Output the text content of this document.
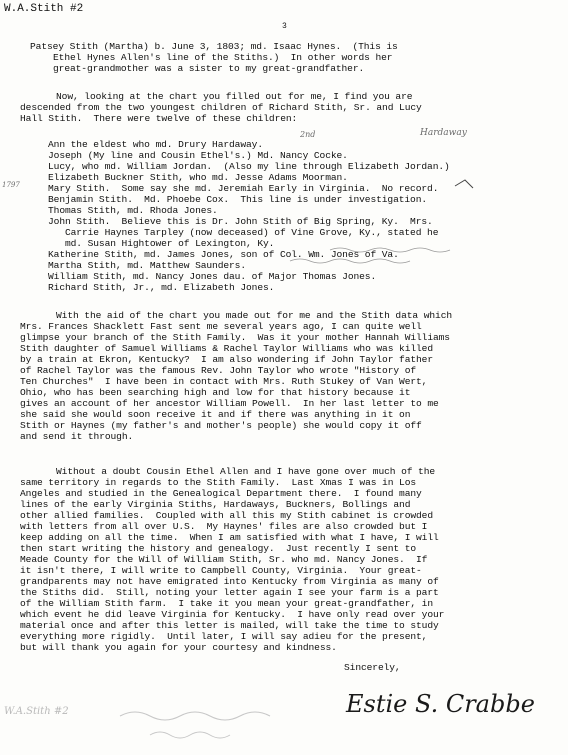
W.A.Stith #2
3
Patsey Stith (Martha) b. June 3, 1803; md. Isaac Hynes.  (This is
Ethel Hynes Allen's line of the Stiths.)  In other words her
great-grandmother was a sister to my great-grandfather.
Now, looking at the chart you filled out for me, I find you are
descended from the two youngest children of Richard Stith, Sr. and Lucy
Hall Stith.  There were twelve of these children:
Ann the eldest who md. Drury Hardaway.
Joseph (My line and Cousin Ethel's.) Md. Nancy Cocke.
Lucy, who md. William Jordan.  (Also my line through Elizabeth Jordan.)
Elizabeth Buckner Stith, who md. Jesse Adams Moorman.
Mary Stith.  Some say she md. Jeremiah Early in Virginia.  No record.
Benjamin Stith.  Md. Phoebe Cox.  This line is under investigation.
Thomas Stith, md. Rhoda Jones.
John Stith.  Believe this is Dr. John Stith of Big Spring, Ky.  Mrs.
Carrie Haynes Tarpley (now deceased) of Vine Grove, Ky., stated he
md. Susan Hightower of Lexington, Ky.
Katherine Stith, md. James Jones, son of Col. Wm. Jones of Va.
Martha Stith, md. Matthew Saunders.
William Stith, md. Nancy Jones dau. of Major Thomas Jones.
Richard Stith, Jr., md. Elizabeth Jones.
With the aid of the chart you made out for me and the Stith data which
Mrs. Frances Shacklett Fast sent me several years ago, I can quite well
glimpse your branch of the Stith Family.  Was it your mother Hannah Williams
Stith daughter of Samuel Williams & Rachel Taylor Williams who was killed
by a train at Ekron, Kentucky?  I am also wondering if John Taylor father
of Rachel Taylor was the famous Rev. John Taylor who wrote "History of
Ten Churches"  I have been in contact with Mrs. Ruth Stukey of Van Wert,
Ohio, who has been searching high and low for that history because it
gives an account of her ancestor William Powell.  In her last letter to me
she said she would soon receive it and if there was anything in it on
Stith or Haynes (my father's and mother's people) she would copy it off
and send it through.
Without a doubt Cousin Ethel Allen and I have gone over much of the
same territory in regards to the Stith Family.  Last Xmas I was in Los
Angeles and studied in the Genealogical Department there.  I found many
lines of the early Virginia Stiths, Hardaways, Buckners, Bollings and
other allied families.  Coupled with all this my Stith cabinet is crowded
with letters from all over U.S.  My Haynes' files are also crowded but I
keep adding on all the time.  When I am satisfied with what I have, I will
then start writing the history and genealogy.  Just recently I sent to
Meade County for the Will of William Stith, Sr. who md. Nancy Jones.  If
it isn't there, I will write to Campbell County, Virginia.  Your great-
grandparents may not have emigrated into Kentucky from Virginia as many of
the Stiths did.  Still, noting your letter again I see your farm is a part
of the William Stith farm.  I take it you mean your great-grandfather, in
which event he did leave Virginia for Kentucky.  I have only read over your
material once and after this letter is mailed, will take the time to study
everything more rigidly.  Until later, I will say adieu for the present,
but will thank you again for your courtesy and kindness.
Sincerely,
2nd	Hardaway
1797
W.A.Stith #2	Estie S. Crabbe
